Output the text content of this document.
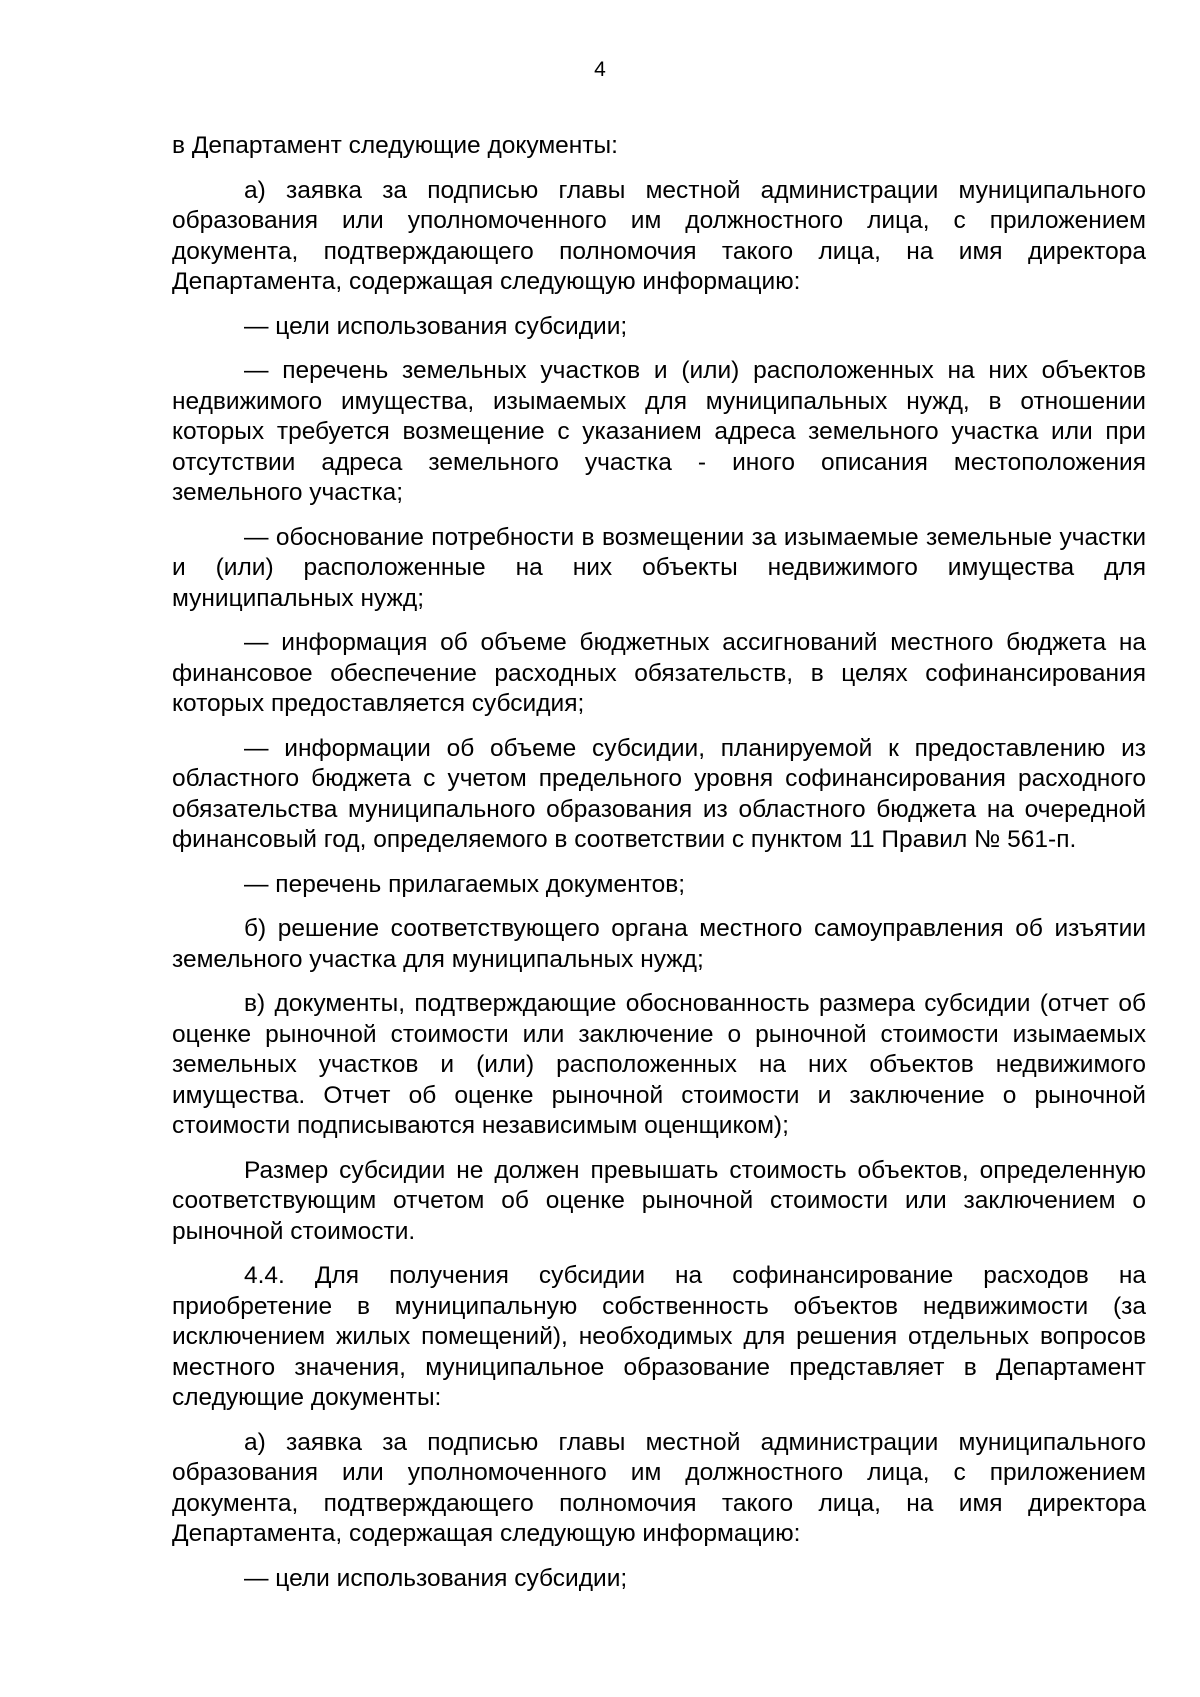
4

в Департамент следующие документы:

а) заявка за подписью главы местной администрации муниципального образования или уполномоченного им должностного лица, с приложением документа, подтверждающего полномочия такого лица, на имя директора Департамента, содержащая следующую информацию:

— цели использования субсидии;

— перечень земельных участков и (или) расположенных на них объектов недвижимого имущества, изымаемых для муниципальных нужд, в отношении которых требуется возмещение с указанием адреса земельного участка или при отсутствии адреса земельного участка - иного описания местоположения земельного участка;

— обоснование потребности в возмещении за изымаемые земельные участки и (или) расположенные на них объекты недвижимого имущества для муниципальных нужд;

— информация об объеме бюджетных ассигнований местного бюджета на финансовое обеспечение расходных обязательств, в целях софинансирования которых предоставляется субсидия;

— информации об объеме субсидии, планируемой к предоставлению из областного бюджета с учетом предельного уровня софинансирования расходного обязательства муниципального образования из областного бюджета на очередной финансовый год, определяемого в соответствии с пунктом 11 Правил № 561-п.

— перечень прилагаемых документов;

б) решение соответствующего органа местного самоуправления об изъятии земельного участка для муниципальных нужд;

в) документы, подтверждающие обоснованность размера субсидии (отчет об оценке рыночной стоимости или заключение о рыночной стоимости изымаемых земельных участков и (или) расположенных на них объектов недвижимого имущества. Отчет об оценке рыночной стоимости и заключение о рыночной стоимости подписываются независимым оценщиком);

Размер субсидии не должен превышать стоимость объектов, определенную соответствующим отчетом об оценке рыночной стоимости или заключением о рыночной стоимости.

4.4. Для получения субсидии на софинансирование расходов на приобретение в муниципальную собственность объектов недвижимости (за исключением жилых помещений), необходимых для решения отдельных вопросов местного значения, муниципальное образование представляет в Департамент следующие документы:

а) заявка за подписью главы местной администрации муниципального образования или уполномоченного им должностного лица, с приложением документа, подтверждающего полномочия такого лица, на имя директора Департамента, содержащая следующую информацию:

— цели использования субсидии;
